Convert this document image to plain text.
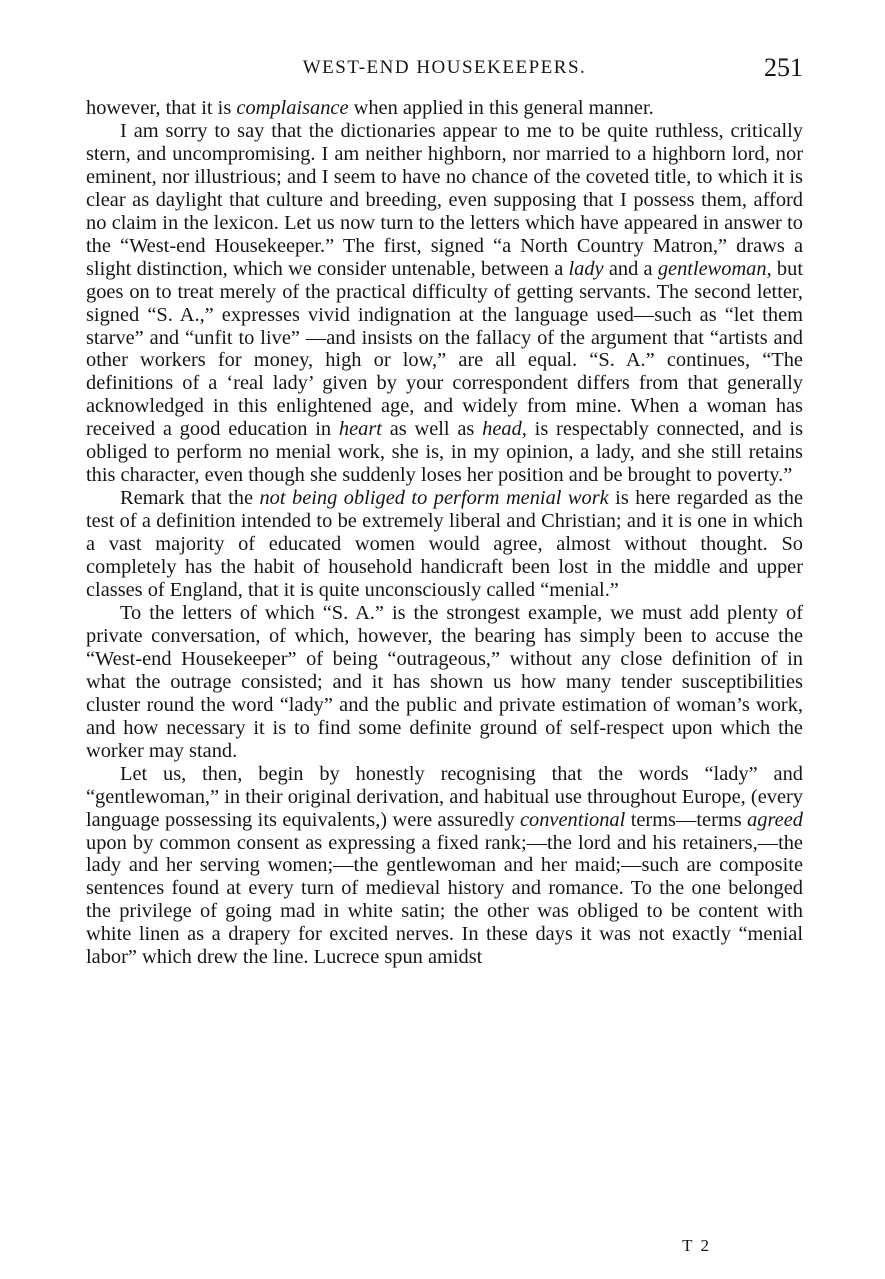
WEST-END HOUSEKEEPERS.	251

however, that it is complaisance when applied in this general manner.

I am sorry to say that the dictionaries appear to me to be quite ruthless, critically stern, and uncompromising. I am neither highborn, nor married to a highborn lord, nor eminent, nor illustrious; and I seem to have no chance of the coveted title, to which it is clear as daylight that culture and breeding, even supposing that I possess them, afford no claim in the lexicon. Let us now turn to the letters which have appeared in answer to the “West-end Housekeeper.” The first, signed “a North Country Matron,” draws a slight distinction, which we consider untenable, between a lady and a gentlewoman, but goes on to treat merely of the practical difficulty of getting servants. The second letter, signed “S. A.,” expresses vivid indignation at the language used—such as “let them starve” and “unfit to live” —and insists on the fallacy of the argument that “artists and other workers for money, high or low,” are all equal. “S. A.” continues, “The definitions of a ‘real lady’ given by your correspondent differs from that generally acknowledged in this enlightened age, and widely from mine. When a woman has received a good education in heart as well as head, is respectably connected, and is obliged to perform no menial work, she is, in my opinion, a lady, and she still retains this character, even though she suddenly loses her position and be brought to poverty.”

Remark that the not being obliged to perform menial work is here regarded as the test of a definition intended to be extremely liberal and Christian; and it is one in which a vast majority of educated women would agree, almost without thought. So completely has the habit of household handicraft been lost in the middle and upper classes of England, that it is quite unconsciously called “menial.”

To the letters of which “S. A.” is the strongest example, we must add plenty of private conversation, of which, however, the bearing has simply been to accuse the “West-end Housekeeper” of being “outrageous,” without any close definition of in what the outrage consisted; and it has shown us how many tender susceptibilities cluster round the word “lady” and the public and private estimation of woman’s work, and how necessary it is to find some definite ground of self-respect upon which the worker may stand.

Let us, then, begin by honestly recognising that the words “lady” and “gentlewoman,” in their original derivation, and habitual use throughout Europe, (every language possessing its equivalents,) were assuredly conventional terms—terms agreed upon by common consent as expressing a fixed rank;—the lord and his retainers,—the lady and her serving women;—the gentlewoman and her maid;—such are composite sentences found at every turn of medieval history and romance. To the one belonged the privilege of going mad in white satin; the other was obliged to be content with white linen as a drapery for excited nerves. In these days it was not exactly “menial labor” which drew the line. Lucrece spun amidst

T 2
